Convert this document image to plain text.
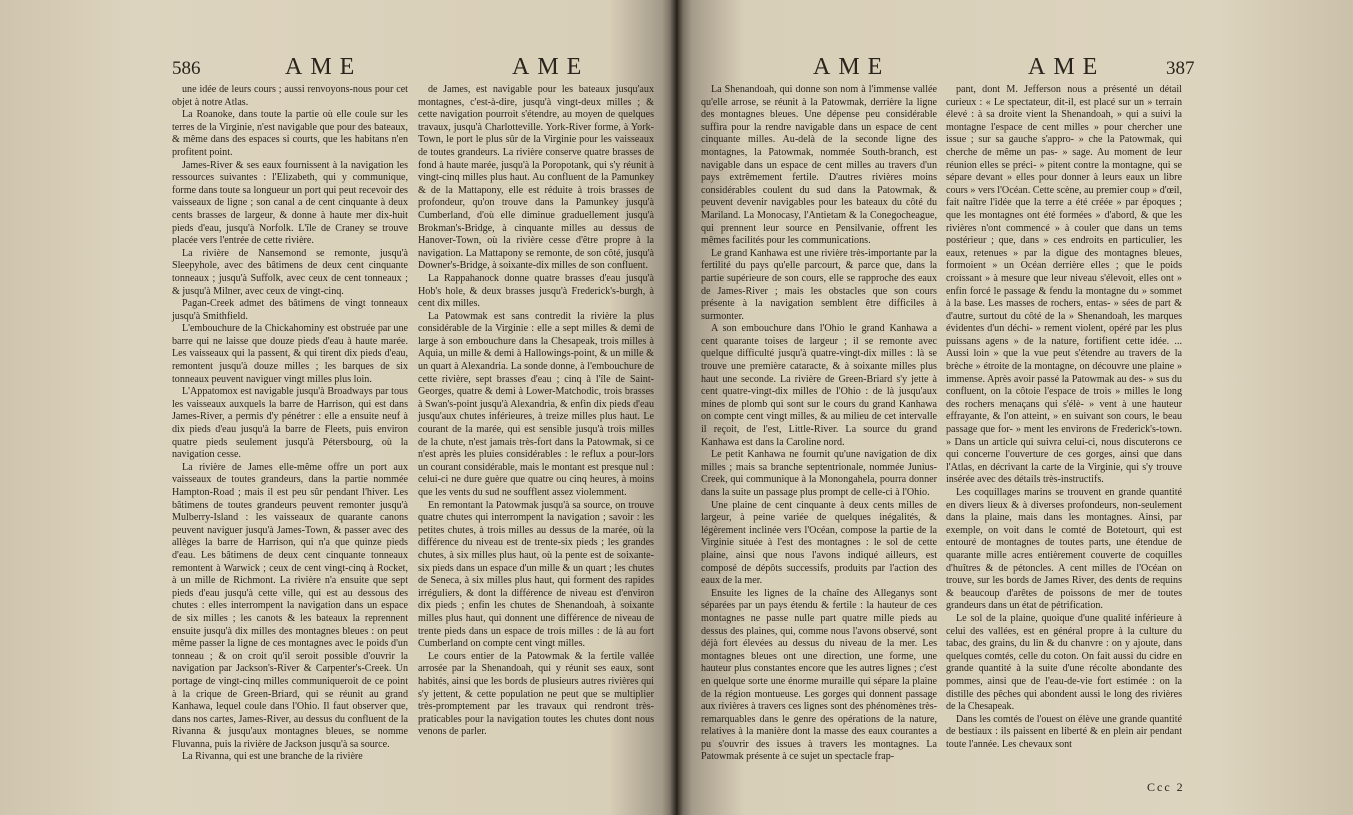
586	AME	AME

une idée de leurs cours ; aussi renvoyons-nous pour cet objet à notre Atlas.

La Roanoke, dans toute la partie où elle coule sur les terres de la Virginie, n'est navigable que pour des bateaux, & même dans des espaces si courts, que les habitans n'en profitent point.

James-River & ses eaux fournissent à la navigation les ressources suivantes : l'Elizabeth, qui y communique, forme dans toute sa longueur un port qui peut recevoir des vaisseaux de ligne ; son canal a de cent cinquante à deux cents brasses de largeur, & donne à haute mer dix-huit pieds d'eau, jusqu'à Norfolk. L'île de Craney se trouve placée vers l'entrée de cette rivière.

La rivière de Nansemond se remonte, jusqu'à Sleepyhole, avec des bâtimens de deux cent cinquante tonneaux ; jusqu'à Suffolk, avec ceux de cent tonneaux ; & jusqu'à Milner, avec ceux de vingt-cinq.

Pagan-Creek admet des bâtimens de vingt tonneaux jusqu'à Smithfield.

L'embouchure de la Chickahominy est obstruée par une barre qui ne laisse que douze pieds d'eau à haute marée. Les vaisseaux qui la passent, & qui tirent dix pieds d'eau, remontent jusqu'à douze milles ; les barques de six tonneaux peuvent naviguer vingt milles plus loin.

L'Appatomox est navigable jusqu'à Broadways par tous les vaisseaux auxquels la barre de Harrison, qui est dans James-River, a permis d'y pénétrer : elle a ensuite neuf à dix pieds d'eau jusqu'à la barre de Fleets, puis environ quatre pieds seulement jusqu'à Pétersbourg, où la navigation cesse.

La rivière de James elle-même offre un port aux vaisseaux de toutes grandeurs, dans la partie nommée Hampton-Road ; mais il est peu sûr pendant l'hiver. Les bâtimens de toutes grandeurs peuvent remonter jusqu'à Mulberry-Island : les vaisseaux de quarante canons peuvent naviguer jusqu'à James-Town, & passer avec des allèges la barre de Harrison, qui n'a que quinze pieds d'eau. Les bâtimens de deux cent cinquante tonneaux remontent à Warwick ; ceux de cent vingt-cinq à Rocket, à un mille de Richmont. La rivière n'a ensuite que sept pieds d'eau jusqu'à cette ville, qui est au dessous des chutes : elles interrompent la navigation dans un espace de six milles ; les canots & les bateaux la reprennent ensuite jusqu'à dix milles des montagnes bleues : on peut même passer la ligne de ces montagnes avec le poids d'un tonneau ; & on croit qu'il seroit possible d'ouvrir la navigation par Jackson's-River & Carpenter's-Creek. Un portage de vingt-cinq milles communiqueroit de ce point à la crique de Green-Briard, qui se réunit au grand Kanhawa, lequel coule dans l'Ohio. Il faut observer que, dans nos cartes, James-River, au dessus du confluent de la Rivanna & jusqu'aux montagnes bleues, se nomme Fluvanna, puis la rivière de Jackson jusqu'à sa source.

La Rivanna, qui est une branche de la rivière

de James, est navigable pour les bateaux jusqu'aux montagnes, c'est-à-dire, jusqu'à vingt-deux milles ; & cette navigation pourroit s'étendre, au moyen de quelques travaux, jusqu'à Charlotteville. York-River forme, à York-Town, le port le plus sûr de la Virginie pour les vaisseaux de toutes grandeurs. La rivière conserve quatre brasses de fond à haute marée, jusqu'à la Poropotank, qui s'y réunit à vingt-cinq milles plus haut. Au confluent de la Pamunkey & de la Mattapony, elle est réduite à trois brasses de profondeur, qu'on trouve dans la Pamunkey jusqu'à Cumberland, d'où elle diminue graduellement jusqu'à Brokman's-Bridge, à cinquante milles au dessus de Hanover-Town, où la rivière cesse d'être propre à la navigation. La Mattapony se remonte, de son côté, jusqu'à Downer's-Bridge, à soixante-dix milles de son confluent.

La Rappahanock donne quatre brasses d'eau jusqu'à Hob's hole, & deux brasses jusqu'à Frederick's-burgh, à cent dix milles.

La Patowmak est sans contredit la rivière la plus considérable de la Virginie : elle a sept milles & demi de large à son embouchure dans la Chesapeak, trois milles à Aquia, un mille & demi à Hallowings-point, & un mille & un quart à Alexandria. La sonde donne, à l'embouchure de cette rivière, sept brasses d'eau ; cinq à l'île de Saint-Georges, quatre & demi à Lower-Matchodic, trois brasses à Swan's-point jusqu'à Alexandria, & enfin dix pieds d'eau jusqu'aux chutes inférieures, à treize milles plus haut. Le courant de la marée, qui est sensible jusqu'à trois milles de la chute, n'est jamais très-fort dans la Patowmak, si ce n'est après les pluies considérables : le reflux a pour-lors un courant considérable, mais le montant est presque nul : celui-ci ne dure guère que quatre ou cinq heures, à moins que les vents du sud ne soufflent assez violemment.

En remontant la Patowmak jusqu'à sa source, on trouve quatre chutes qui interrompent la navigation ; savoir : les petites chutes, à trois milles au dessus de la marée, où la différence du niveau est de trente-six pieds ; les grandes chutes, à six milles plus haut, où la pente est de soixante-six pieds dans un espace d'un mille & un quart ; les chutes de Seneca, à six milles plus haut, qui forment des rapides irréguliers, & dont la différence de niveau est d'environ dix pieds ; enfin les chutes de Shenandoah, à soixante milles plus haut, qui donnent une différence de niveau de trente pieds dans un espace de trois milles : de là au fort Cumberland on compte cent vingt milles.

Le cours entier de la Patowmak & la fertile vallée arrosée par la Shenandoah, qui y réunit ses eaux, sont habités, ainsi que les bords de plusieurs autres rivières qui s'y jettent, & cette population ne peut que se multiplier très-promptement par les travaux qui rendront très-praticables pour la navigation toutes les chutes dont nous venons de parler.

AME	AME	387

La Shenandoah, qui donne son nom à l'immense vallée qu'elle arrose, se réunit à la Patowmak, derrière la ligne des montagnes bleues. Une dépense peu considérable suffira pour la rendre navigable dans un espace de cent cinquante milles. Au-delà de la seconde ligne des montagnes, la Patowmak, nommée South-branch, est navigable dans un espace de cent milles au travers d'un pays extrêmement fertile. D'autres rivières moins considérables coulent du sud dans la Patowmak, & peuvent devenir navigables pour les bateaux du côté du Mariland. La Monocasy, l'Antietam & la Conegocheague, qui prennent leur source en Pensilvanie, offrent les mêmes facilités pour les communications.

Le grand Kanhawa est une rivière très-importante par la fertilité du pays qu'elle parcourt, & parce que, dans la partie supérieure de son cours, elle se rapproche des eaux de James-River ; mais les obstacles que son cours présente à la navigation semblent être difficiles à surmonter.

A son embouchure dans l'Ohio le grand Kanhawa a cent quarante toises de largeur ; il se remonte avec quelque difficulté jusqu'à quatre-vingt-dix milles : là se trouve une première cataracte, & à soixante milles plus haut une seconde. La rivière de Green-Briard s'y jette à cent quatre-vingt-dix milles de l'Ohio : de là jusqu'aux mines de plomb qui sont sur le cours du grand Kanhawa on compte cent vingt milles, & au milieu de cet intervalle il reçoit, de l'est, Little-River. La source du grand Kanhawa est dans la Caroline nord.

Le petit Kanhawa ne fournit qu'une navigation de dix milles ; mais sa branche septentrionale, nommée Junius-Creek, qui communique à la Monongahela, pourra donner dans la suite un passage plus prompt de celle-ci à l'Ohio.

Une plaine de cent cinquante à deux cents milles de largeur, à peine variée de quelques inégalités, & légèrement inclinée vers l'Océan, compose la partie de la Virginie située à l'est des montagnes : le sol de cette plaine, ainsi que nous l'avons indiqué ailleurs, est composé de dépôts successifs, produits par l'action des eaux de la mer.

Ensuite les lignes de la chaîne des Alleganys sont séparées par un pays étendu & fertile : la hauteur de ces montagnes ne passe nulle part quatre mille pieds au dessus des plaines, qui, comme nous l'avons observé, sont déjà fort élevées au dessus du niveau de la mer. Les montagnes bleues ont une direction, une forme, une hauteur plus constantes encore que les autres lignes ; c'est en quelque sorte une énorme muraille qui sépare la plaine de la région montueuse. Les gorges qui donnent passage aux rivières à travers ces lignes sont des phénomènes très-remarquables dans le genre des opérations de la nature, relatives à la manière dont la masse des eaux courantes a pu s'ouvrir des issues à travers les montagnes. La Patowmak présente à ce sujet un spectacle frap-

pant, dont M. Jefferson nous a présenté un détail curieux : « Le spectateur, dit-il, est placé sur un » terrain élevé : à sa droite vient la Shenandoah, » qui a suivi la montagne l'espace de cent milles » pour chercher une issue ; sur sa gauche s'appro- » che la Patowmak, qui cherche de même un pas- » sage. Au moment de leur réunion elles se préci- » pitent contre la montagne, qui se sépare devant » elles pour donner à leurs eaux un libre cours » vers l'Océan. Cette scène, au premier coup » d'œil, fait naître l'idée que la terre a été créée » par époques ; que les montagnes ont été formées » d'abord, & que les rivières n'ont commencé » à couler que dans un tems postérieur ; que, dans » ces endroits en particulier, les eaux, retenues » par la digue des montagnes bleues, formoient » un Océan derrière elles ; que le poids croissant » à mesure que leur niveau s'élevoit, elles ont » enfin forcé le passage & fendu la montagne du » sommet à la base. Les masses de rochers, entas- » sées de part & d'autre, surtout du côté de la » Shenandoah, les marques évidentes d'un déchi- » rement violent, opéré par les plus puissans agens » de la nature, fortifient cette idée. ... Aussi loin » que la vue peut s'étendre au travers de la brèche » étroite de la montagne, on découvre une plaine » immense. Après avoir passé la Patowmak au des- » sus du confluent, on la côtoie l'espace de trois » milles le long des rochers menaçans qui s'élè- » vent à une hauteur effrayante, & l'on atteint, » en suivant son cours, le beau passage que for- » ment les environs de Frederick's-town. » Dans un article qui suivra celui-ci, nous discuterons ce qui concerne l'ouverture de ces gorges, ainsi que dans l'Atlas, en décrivant la carte de la Virginie, qui s'y trouve insérée avec des détails très-instructifs.

Les coquillages marins se trouvent en grande quantité en divers lieux & à diverses profondeurs, non-seulement dans la plaine, mais dans les montagnes. Ainsi, par exemple, on voit dans le comté de Botetourt, qui est entouré de montagnes de toutes parts, une étendue de quarante mille acres entièrement couverte de coquilles d'huîtres & de pétoncles. A cent milles de l'Océan on trouve, sur les bords de James River, des dents de requins & beaucoup d'arêtes de poissons de mer de toutes grandeurs dans un état de pétrification.

Le sol de la plaine, quoique d'une qualité inférieure à celui des vallées, est en général propre à la culture du tabac, des grains, du lin & du chanvre : on y ajoute, dans quelques comtés, celle du coton. On fait aussi du cidre en grande quantité à la suite d'une récolte abondante des pommes, ainsi que de l'eau-de-vie fort estimée : on la distille des pêches qui abondent aussi le long des rivières de la Chesapeak.

Dans les comtés de l'ouest on élève une grande quantité de bestiaux : ils paissent en liberté & en plein air pendant toute l'année. Les chevaux sont

Ccc 2
